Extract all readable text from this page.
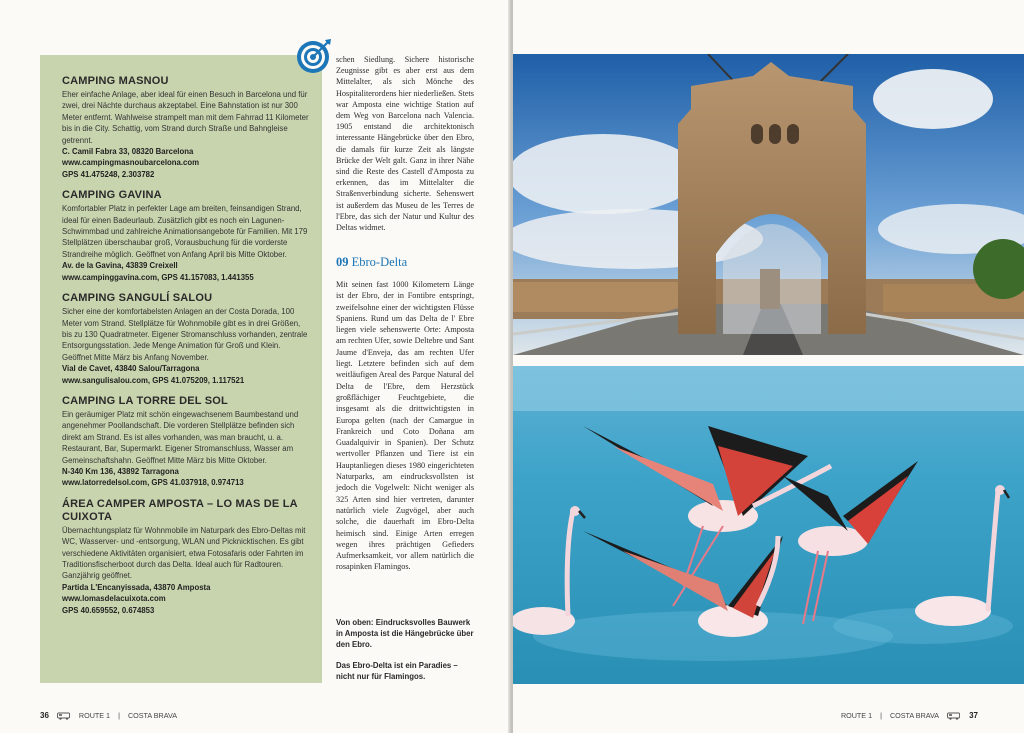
CAMPING MASNOU

Eher einfache Anlage, aber ideal für einen Besuch in Barcelona und für zwei, drei Nächte durchaus akzeptabel. Eine Bahnstation ist nur 300 Meter entfernt. Wahlweise strampelt man mit dem Fahrrad 11 Kilometer bis in die City. Schattig, vom Strand durch Straße und Bahngleise getrennt.

C. Camil Fabra 33, 08320 Barcelona

www.campingmasnoubarcelona.com

GPS 41.475248, 2.303782

CAMPING GAVINA

Komfortabler Platz in perfekter Lage am breiten, feinsandigen Strand, ideal für einen Badeurlaub. Zusätzlich gibt es noch ein Lagunen-Schwimmbad und zahlreiche Animationsangebote für Familien. Mit 179 Stellplätzen überschaubar groß, Vorausbuchung für die vorderste Strandreihe möglich. Geöffnet von Anfang April bis Mitte Oktober.

Av. de la Gavina, 43839 Creixell

www.campinggavina.com, GPS 41.157083, 1.441355

CAMPING SANGULÍ SALOU

Sicher eine der komfortabelsten Anlagen an der Costa Dorada, 100 Meter vom Strand. Stellplätze für Wohnmobile gibt es in drei Größen, bis zu 130 Quadratmeter. Eigener Stromanschluss vorhanden, zentrale Entsorgungsstation. Jede Menge Animation für Groß und Klein. Geöffnet Mitte März bis Anfang November.

Vial de Cavet, 43840 Salou/Tarragona

www.sangulisalou.com, GPS 41.075209, 1.117521

CAMPING LA TORRE DEL SOL

Ein geräumiger Platz mit schön eingewachsenem Baumbestand und angenehmer Poollandschaft. Die vorderen Stellplätze befinden sich direkt am Strand. Es ist alles vorhanden, was man braucht, u. a. Restaurant, Bar, Supermarkt. Eigener Stromanschluss, Wasser am Gemeinschaftshahn. Geöffnet Mitte März bis Mitte Oktober.

N-340 Km 136, 43892 Tarragona

www.latorredelsol.com, GPS 41.037918, 0.974713

ÁREA CAMPER AMPOSTA – LO MAS DE LA CUIXOTA

Übernachtungsplatz für Wohnmobile im Naturpark des Ebro-Deltas mit WC, Wasserver- und -entsorgung, WLAN und Picknicktischen. Es gibt verschiedene Aktivitäten organisiert, etwa Fotosafaris oder Fahrten im Traditionsfischerboot durch das Delta. Ideal auch für Radtouren. Ganzjährig geöffnet.

Partida L'Encanyissada, 43870 Amposta

www.lomasdelacuixota.com

GPS 40.659552, 0.674853

schen Siedlung. Sichere historische Zeugnisse gibt es aber erst aus dem Mittelalter, als sich Mönche des Hospitaliterordens hier niederließen. Stets war Amposta eine wichtige Station auf dem Weg von Barcelona nach Valencia. 1905 entstand die architektonisch interessante Hängebrücke über den Ebro, die damals für kurze Zeit als längste Brücke der Welt galt. Ganz in ihrer Nähe sind die Reste des Castell d'Amposta zu erkennen, das im Mittelalter die Straßenverbindung sicherte. Sehenswert ist außerdem das Museu de les Terres de l'Ebre, das sich der Natur und Kultur des Deltas widmet.

09 Ebro-Delta

Mit seinen fast 1000 Kilometern Länge ist der Ebro, der in Fontibre entspringt, zweifelsohne einer der wichtigsten Flüsse Spaniens. Rund um das Delta de l' Ebre liegen viele sehenswerte Orte: Amposta am rechten Ufer, sowie Deltebre und Sant Jaume d'Enveja, das am rechten Ufer liegt. Letztere befinden sich auf dem weitläufigen Areal des Parque Natural del Delta de l'Ebre, dem Herzstück großflächiger Feuchtgebiete, die insgesamt als die drittwichtigsten in Europa gelten (nach der Camargue in Frankreich und Coto Doñana am Guadalquivir in Spanien). Der Schutz wertvoller Pflanzen und Tiere ist ein Hauptanliegen dieses 1980 eingerichteten Naturparks, am eindrucksvollsten ist jedoch die Vogelwelt: Nicht weniger als 325 Arten sind hier vertreten, darunter natürlich viele Zugvögel, aber auch solche, die dauerhaft im Ebro-Delta heimisch sind. Einige Arten erregen wegen ihres prächtigen Gefieders Aufmerksamkeit, vor allem natürlich die rosapinken Flamingos.

Von oben: Eindrucksvolles Bauwerk in Amposta ist die Hängebrücke über den Ebro.

Das Ebro-Delta ist ein Paradies – nicht nur für Flamingos.

36	ROUTE 1 | COSTA BRAVA	ROUTE 1 | COSTA BRAVA	37
